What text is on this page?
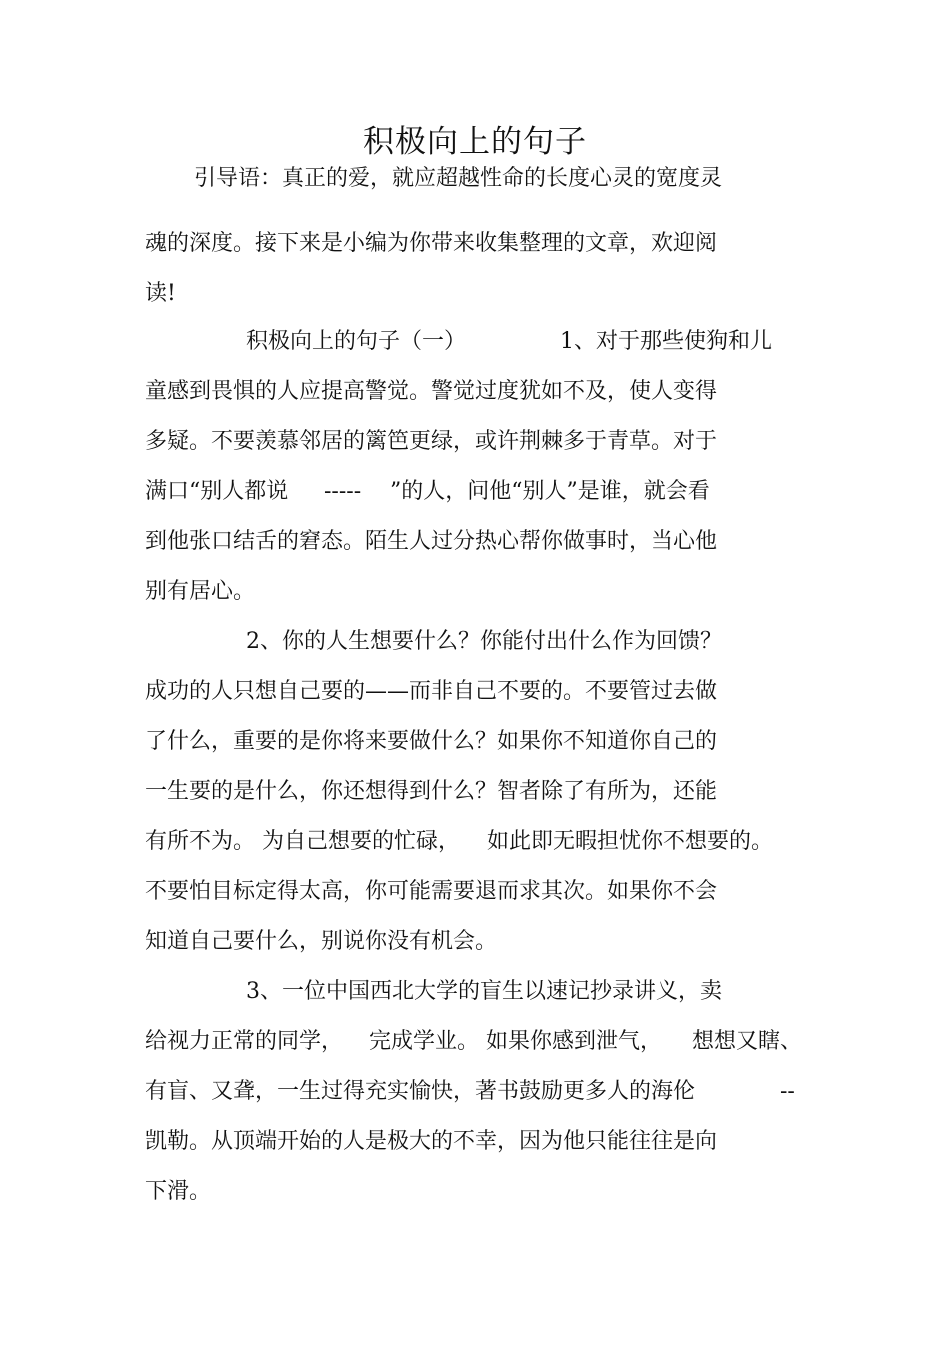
积极向上的句子
引导语：真正的爱，就应超越性命的长度心灵的宽度灵
魂的深度。接下来是小编为你带来收集整理的文章，欢迎阅
读!
积极向上的句子（一）	1、对于那些使狗和儿
童感到畏惧的人应提高警觉。警觉过度犹如不及，使人变得
多疑。不要羡慕邻居的篱笆更绿，或许荆棘多于青草。对于
满口“别人都说 ----- ”的人，问他“别人”是谁，就会看
到他张口结舌的窘态。陌生人过分热心帮你做事时，当心他
别有居心。
2、你的人生想要什么？你能付出什么作为回馈？
成功的人只想自己要的——而非自己不要的。不要管过去做
了什么，重要的是你将来要做什么？如果你不知道你自己的
一生要的是什么，你还想得到什么？智者除了有所为，还能
有所不为。 为自己想要的忙碌， 如此即无暇担忧你不想要的。
不要怕目标定得太高，你可能需要退而求其次。如果你不会
知道自己要什么，别说你没有机会。
3、一位中国西北大学的盲生以速记抄录讲义，卖
给视力正常的同学， 完成学业。 如果你感到泄气， 想想又瞎、
有盲、又聋，一生过得充实愉快，著书鼓励更多人的海伦	--
凯勒。从顶端开始的人是极大的不幸，因为他只能往往是向
下滑。
